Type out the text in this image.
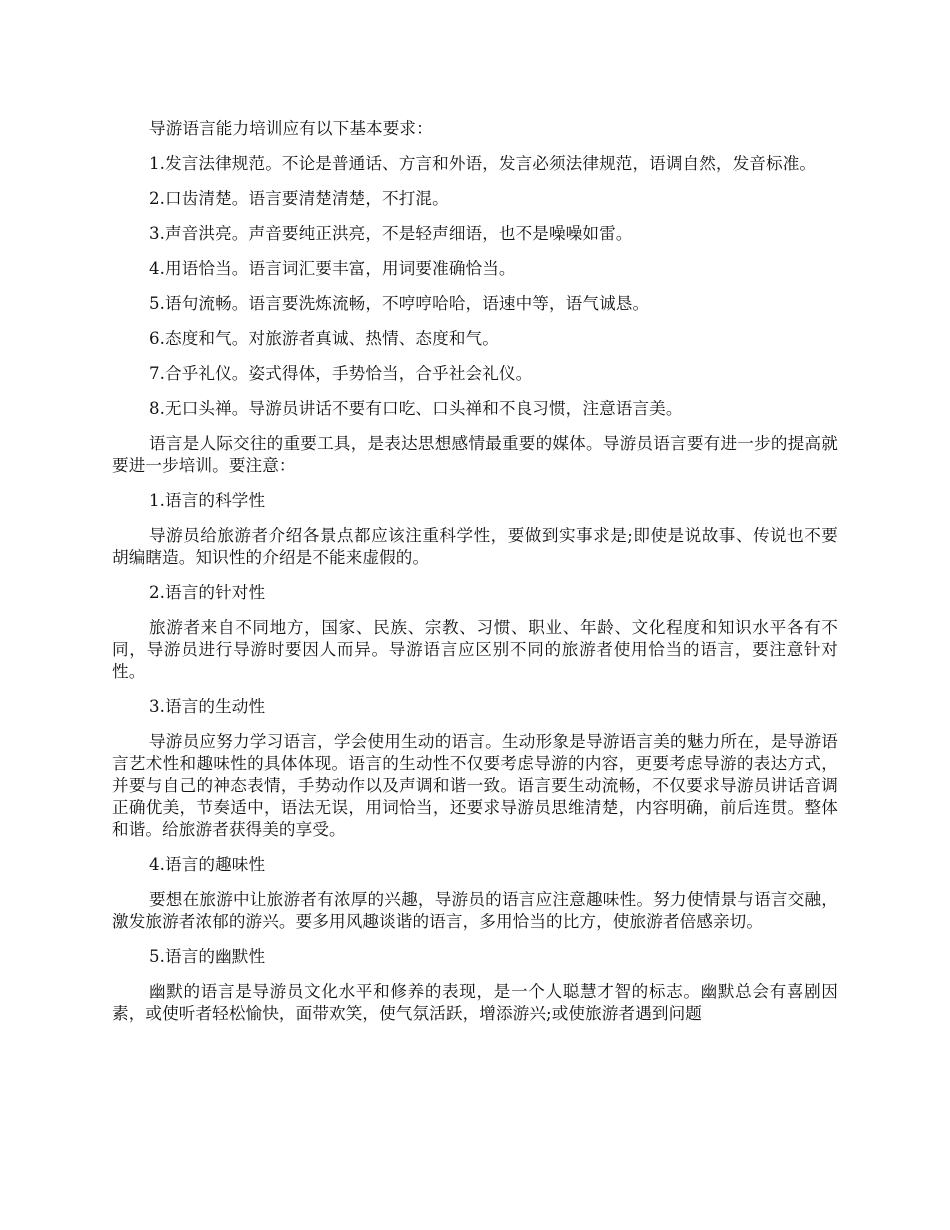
导游语言能力培训应有以下基本要求：

1.发言法律规范。不论是普通话、方言和外语，发言必须法律规范，语调自然，发音标准。

2.口齿清楚。语言要清楚清楚，不打混。

3.声音洪亮。声音要纯正洪亮，不是轻声细语，也不是噪噪如雷。

4.用语恰当。语言词汇要丰富，用词要准确恰当。

5.语句流畅。语言要洗炼流畅，不哼哼哈哈，语速中等，语气诚恳。

6.态度和气。对旅游者真诚、热情、态度和气。

7.合乎礼仪。姿式得体，手势恰当，合乎社会礼仪。

8.无口头禅。导游员讲话不要有口吃、口头禅和不良习惯，注意语言美。

语言是人际交往的重要工具，是表达思想感情最重要的媒体。导游员语言要有进一步的提高就要进一步培训。要注意：

1.语言的科学性

导游员给旅游者介绍各景点都应该注重科学性，要做到实事求是;即使是说故事、传说也不要胡编瞎造。知识性的介绍是不能来虚假的。

2.语言的针对性

旅游者来自不同地方，国家、民族、宗教、习惯、职业、年龄、文化程度和知识水平各有不同，导游员进行导游时要因人而异。导游语言应区别不同的旅游者使用恰当的语言，要注意针对性。

3.语言的生动性

导游员应努力学习语言，学会使用生动的语言。生动形象是导游语言美的魅力所在，是导游语言艺术性和趣味性的具体体现。语言的生动性不仅要考虑导游的内容，更要考虑导游的表达方式，并要与自己的神态表情，手势动作以及声调和谐一致。语言要生动流畅，不仅要求导游员讲话音调正确优美，节奏适中，语法无误，用词恰当，还要求导游员思维清楚，内容明确，前后连贯。整体和谐。给旅游者获得美的享受。

4.语言的趣味性

要想在旅游中让旅游者有浓厚的兴趣，导游员的语言应注意趣味性。努力使情景与语言交融，激发旅游者浓郁的游兴。要多用风趣谈谐的语言，多用恰当的比方，使旅游者倍感亲切。

5.语言的幽默性

幽默的语言是导游员文化水平和修养的表现，是一个人聪慧才智的标志。幽默总会有喜剧因素，或使听者轻松愉快，面带欢笑，使气氛活跃，增添游兴;或使旅游者遇到问题
